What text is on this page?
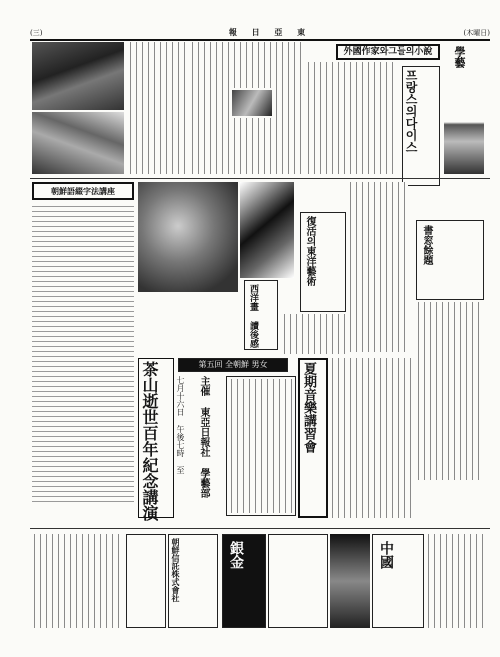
(三)	報 日 亞 東	(木曜日)
外國作家와그들의小說
프랑스의다이스
學藝
朝鮮語綴字法講座
西洋畫 讀後感
復活의東洋藝術	書窓餘題
第五回 全朝鮮 男女
茶山逝世百年紀念講演	七月十六日 午後七時 至	主催 東亞日報社 學藝部	夏期音樂講習會
朝鮮信託株式會社	銀金	中國
